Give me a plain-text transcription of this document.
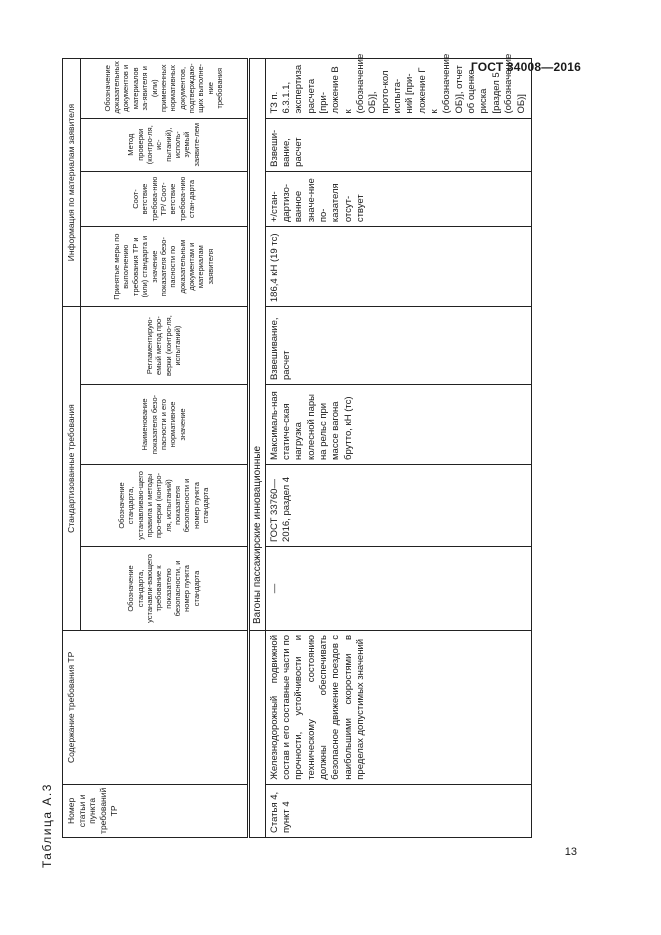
ГОСТ 34008—2016
13
Таблица А.3 Номер статьи и пункта требований ТР	Содержание требования ТР	Стандартизованные требования				Информация по материалам заявителя			
		Обозначение стандарта, устанавли-вающего требование к показателю безопасности, и номер пункта стандарта	Обозначение стандарта, устанавливаю-щего правила и методы про-верки (контро-ля, испытаний) показателя безопасности и номер пункта стандарта	Наименование показателя безо-пасности и его нормативное значение	Регламентирую-емый метод про-верки (контро-ля, испытаний)	Принятые меры по выполнению требования ТР и (или) стандарта и значение показателя безо-пасности по доказательным документам и материалам заявителя	Соот-ветствие требова-нию ТР/ Соот-ветствие требова-нию стан-дарта	Метод проверки (контро-ля, ис-пытаний), исполь-зуемый заявите-лем	Обозначение доказательных документов и материалов за-явителя и (или) примененных нормативных документов, подтверждаю-щих выполне-ние требования
		Вагоны пассажирские инновационные							
Статья 4, пункт 4	Железнодорожный подвижной состав и его составные части по прочности, устойчивости и техническому состоянию должны обеспечивать безопасное движение поездов с наибольшими скоростями в пределах допустимых значений	—	ГОСТ 33760—2016, раздел 4	Максималь-ная статиче-ская нагрузка колесной пары на рельс при массе вагона брутто, кН (тс)	Взвешивание, расчет	186,4 кН (19 тс)	+/стан-дартизо-ванное значе-ние по-казателя отсут-ствует	Взвеши-вание, расчет	ТЗ п. 6.3.1.1, экспертиза расчета [при-ложение В к (обозначение ОБ)], прото-кол испыта-ний [при-ложение Г к (обозначение ОБ)], отчет об оценке риска [раздел 5 (обозначение ОБ)]
